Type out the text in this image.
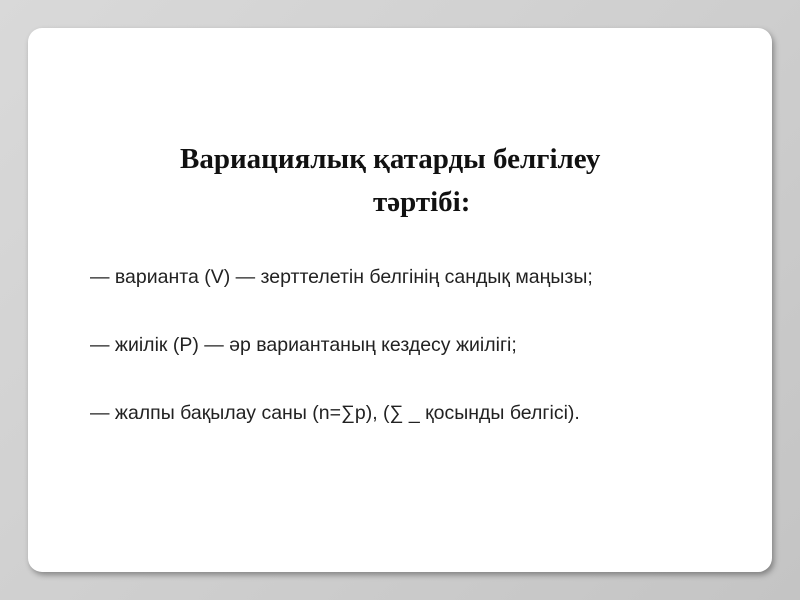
Вариациялық қатарды белгілеу
тәртібі:
— варианта (V) — зерттелетін белгінің сандық маңызы;
— жиілік (Р) — әр вариантаның кездесу жиілігі;
— жалпы бақылау саны (n=∑p), (∑ _ қосынды белгісі).
